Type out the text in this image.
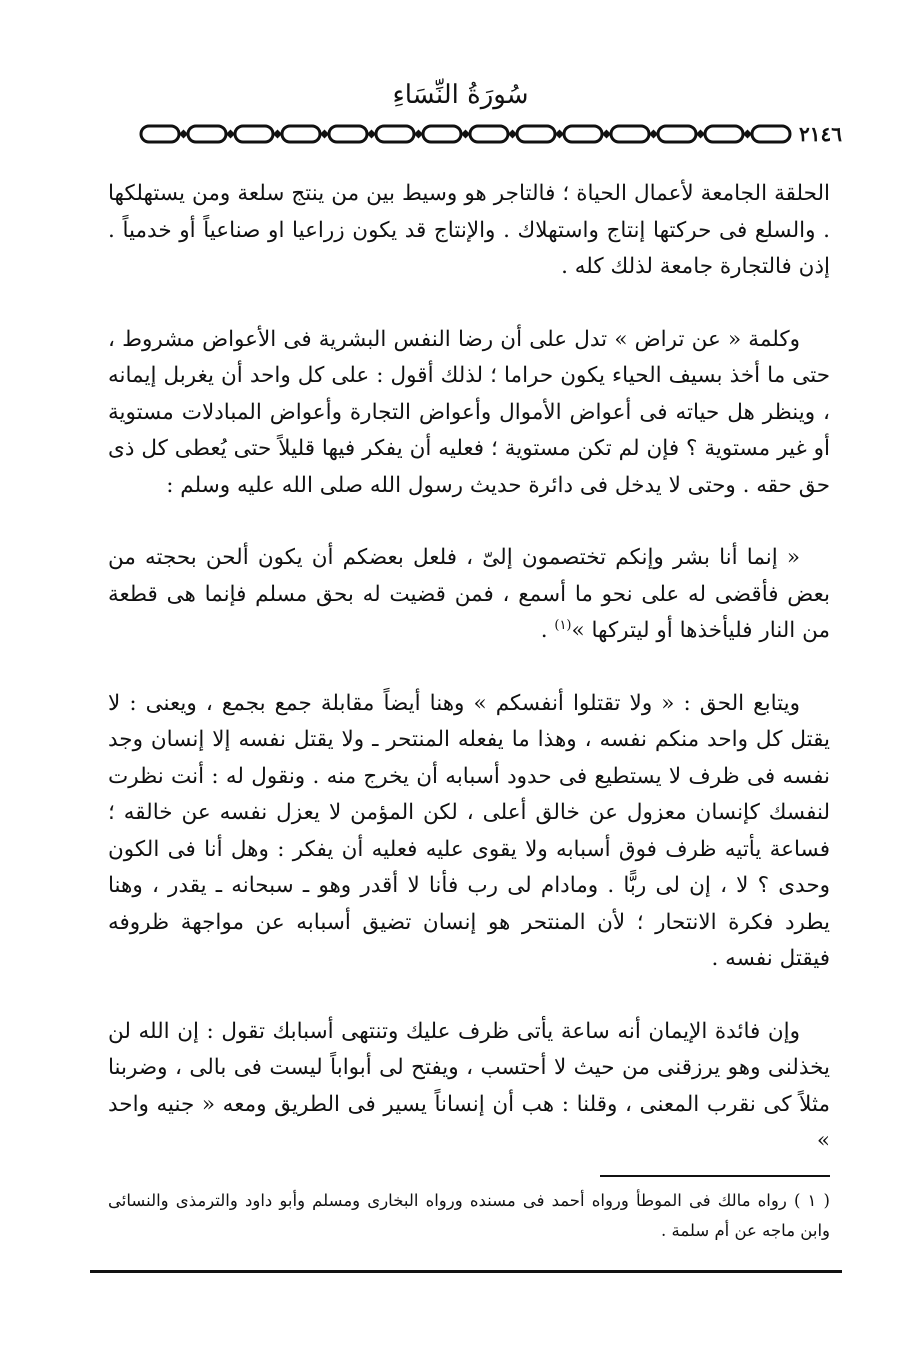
سُورَةُ النِّسَاءِ
٢١٤٦

الحلقة الجامعة لأعمال الحياة ؛ فالتاجر هو وسيط بين من ينتج سلعة ومن يستهلكها . والسلع فى حركتها إنتاج واستهلاك . والإنتاج قد يكون زراعيا او صناعياً أو خدمياً . إذن فالتجارة جامعة لذلك كله .

وكلمة « عن تراض » تدل على أن رضا النفس البشرية فى الأعواض مشروط ، حتى ما أخذ بسيف الحياء يكون حراما ؛ لذلك أقول : على كل واحد أن يغربل إيمانه ، وينظر هل حياته فى أعواض الأموال وأعواض التجارة وأعواض المبادلات مستوية أو غير مستوية ؟ فإن لم تكن مستوية ؛ فعليه أن يفكر فيها قليلاً حتى يُعطى كل ذى حق حقه . وحتى لا يدخل فى دائرة حديث رسول الله صلى الله عليه وسلم :

« إنما أنا بشر وإنكم تختصمون إلىّ ، فلعل بعضكم أن يكون ألحن بحجته من بعض فأقضى له على نحو ما أسمع ، فمن قضيت له بحق مسلم فإنما هى قطعة من النار فليأخذها أو ليتركها »$^{(١)}$ .

ويتابع الحق : « ولا تقتلوا أنفسكم » وهنا أيضاً مقابلة جمع بجمع ، ويعنى : لا يقتل كل واحد منكم نفسه ، وهذا ما يفعله المنتحر ـ ولا يقتل نفسه إلا إنسان وجد نفسه فى ظرف لا يستطيع فى حدود أسبابه أن يخرج منه . ونقول له : أنت نظرت لنفسك كإنسان معزول عن خالق أعلى ، لكن المؤمن لا يعزل نفسه عن خالقه ؛ فساعة يأتيه ظرف فوق أسبابه ولا يقوى عليه فعليه أن يفكر : وهل أنا فى الكون وحدى ؟ لا ، إن لى ربًّا . ومادام لى رب فأنا لا أقدر وهو ـ سبحانه ـ يقدر ، وهنا يطرد فكرة الانتحار ؛ لأن المنتحر هو إنسان تضيق أسبابه عن مواجهة ظروفه فيقتل نفسه .

وإن فائدة الإيمان أنه ساعة يأتى ظرف عليك وتنتهى أسبابك تقول : إن الله لن يخذلنى وهو يرزقنى من حيث لا أحتسب ، ويفتح لى أبواباً ليست فى بالى ، وضربنا مثلاً كى نقرب المعنى ، وقلنا : هب أن إنساناً يسير فى الطريق ومعه « جنيه واحد »

( ١ ) رواه مالك فى الموطأ ورواه أحمد فى مسنده ورواه البخارى ومسلم وأبو داود والترمذى والنسائى وابن ماجه عن أم سلمة .
